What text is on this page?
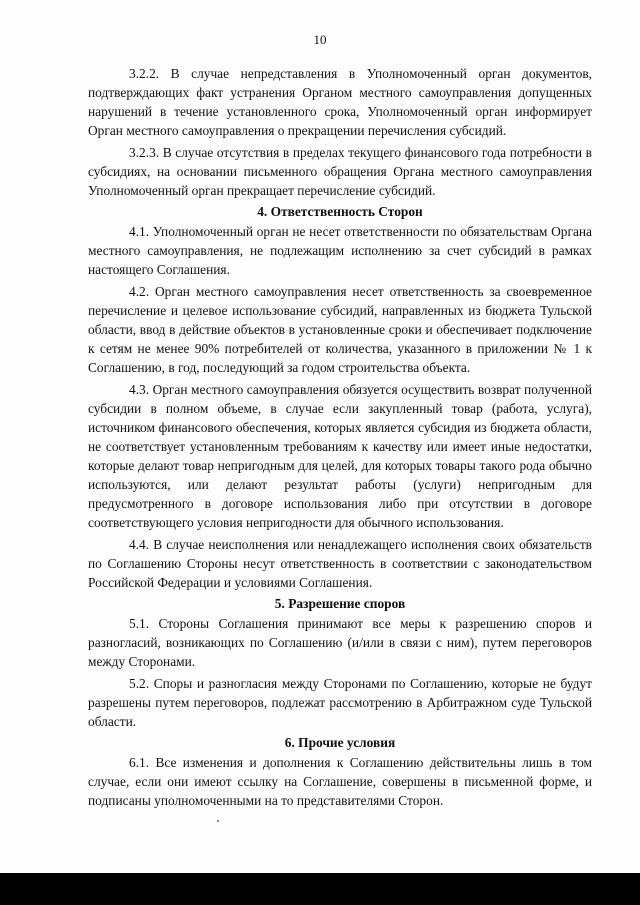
10

3.2.2. В случае непредставления в Уполномоченный орган документов, подтверждающих факт устранения Органом местного самоуправления допущенных нарушений в течение установленного срока, Уполномоченный орган информирует Орган местного самоуправления о прекращении перечисления субсидий.

3.2.3. В случае отсутствия в пределах текущего финансового года потребности в субсидиях, на основании письменного обращения Органа местного самоуправления Уполномоченный орган прекращает перечисление субсидий.

4. Ответственность Сторон

4.1. Уполномоченный орган не несет ответственности по обязательствам Органа местного самоуправления, не подлежащим исполнению за счет субсидий в рамках настоящего Соглашения.

4.2. Орган местного самоуправления несет ответственность за своевременное перечисление и целевое использование субсидий, направленных из бюджета Тульской области, ввод в действие объектов в установленные сроки и обеспечивает подключение к сетям не менее 90% потребителей от количества, указанного в приложении № 1 к Соглашению, в год, последующий за годом строительства объекта.

4.3. Орган местного самоуправления обязуется осуществить возврат полученной субсидии в полном объеме, в случае если закупленный товар (работа, услуга), источником финансового обеспечения, которых является субсидия из бюджета области, не соответствует установленным требованиям к качеству или имеет иные недостатки, которые делают товар непригодным для целей, для которых товары такого рода обычно используются, или делают результат работы (услуги) непригодным для предусмотренного в договоре использования либо при отсутствии в договоре соответствующего условия непригодности для обычного использования.

4.4. В случае неисполнения или ненадлежащего исполнения своих обязательств по Соглашению Стороны несут ответственность в соответствии с законодательством Российской Федерации и условиями Соглашения.

5. Разрешение споров

5.1. Стороны Соглашения принимают все меры к разрешению споров и разногласий, возникающих по Соглашению (и/или в связи с ним), путем переговоров между Сторонами.

5.2. Споры и разногласия между Сторонами по Соглашению, которые не будут разрешены путем переговоров, подлежат рассмотрению в Арбитражном суде Тульской области.

6. Прочие условия

6.1. Все изменения и дополнения к Соглашению действительны лишь в том случае, если они имеют ссылку на Соглашение, совершены в письменной форме, и подписаны уполномоченными на то представителями Сторон.
